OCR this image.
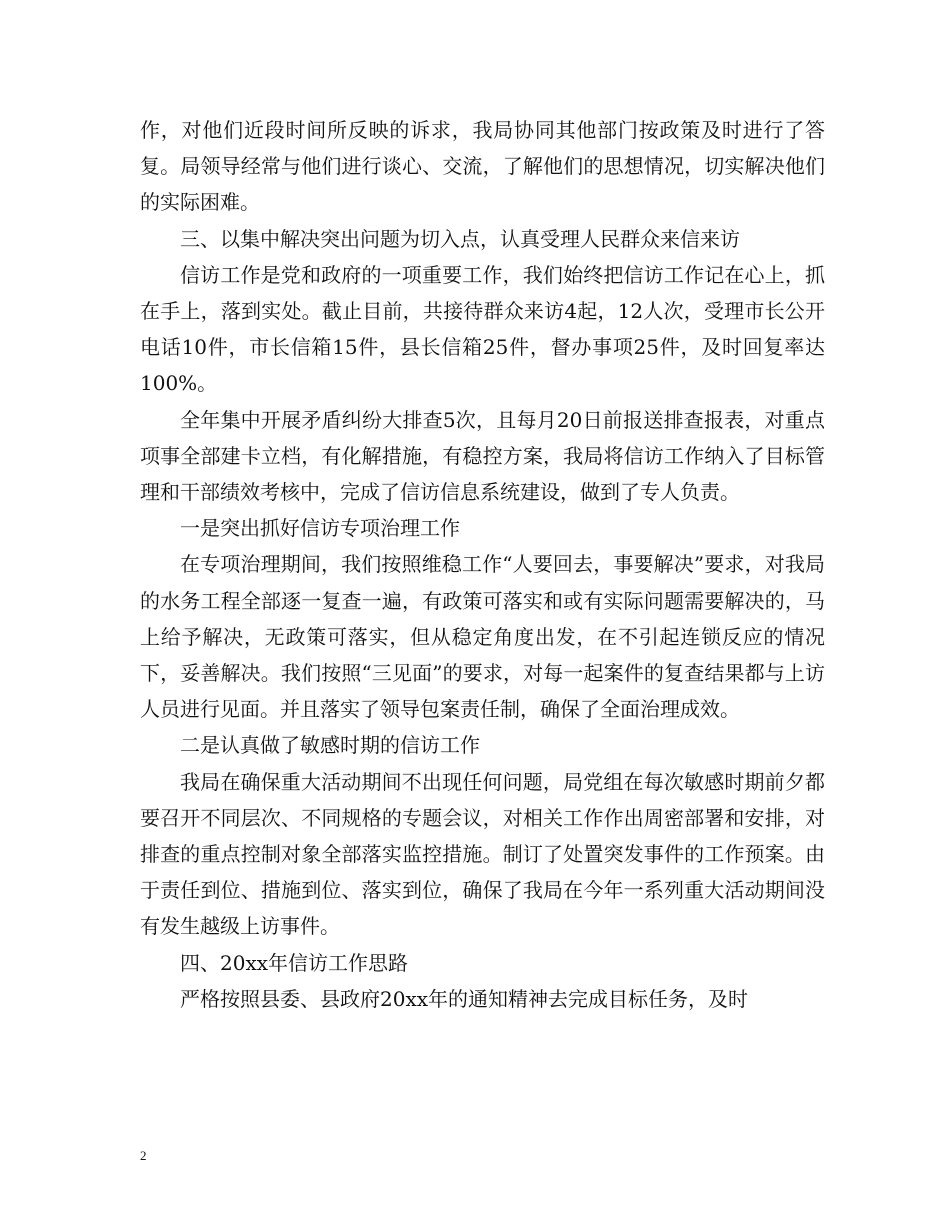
作，对他们近段时间所反映的诉求，我局协同其他部门按政策及时进行了答复。局领导经常与他们进行谈心、交流，了解他们的思想情况，切实解决他们的实际困难。

三、以集中解决突出问题为切入点，认真受理人民群众来信来访

信访工作是党和政府的一项重要工作，我们始终把信访工作记在心上，抓在手上，落到实处。截止目前，共接待群众来访4起，12人次，受理市长公开电话10件，市长信箱15件，县长信箱25件，督办事项25件，及时回复率达100%。

全年集中开展矛盾纠纷大排查5次，且每月20日前报送排查报表，对重点项事全部建卡立档，有化解措施，有稳控方案，我局将信访工作纳入了目标管理和干部绩效考核中，完成了信访信息系统建设，做到了专人负责。

一是突出抓好信访专项治理工作

在专项治理期间，我们按照维稳工作“人要回去，事要解决”要求，对我局的水务工程全部逐一复查一遍，有政策可落实和或有实际问题需要解决的，马上给予解决，无政策可落实，但从稳定角度出发，在不引起连锁反应的情况下，妥善解决。我们按照“三见面”的要求，对每一起案件的复查结果都与上访人员进行见面。并且落实了领导包案责任制，确保了全面治理成效。

二是认真做了敏感时期的信访工作

我局在确保重大活动期间不出现任何问题，局党组在每次敏感时期前夕都要召开不同层次、不同规格的专题会议，对相关工作作出周密部署和安排，对排查的重点控制对象全部落实监控措施。制订了处置突发事件的工作预案。由于责任到位、措施到位、落实到位，确保了我局在今年一系列重大活动期间没有发生越级上访事件。

四、20xx年信访工作思路

严格按照县委、县政府20xx年的通知精神去完成目标任务，及时

2
